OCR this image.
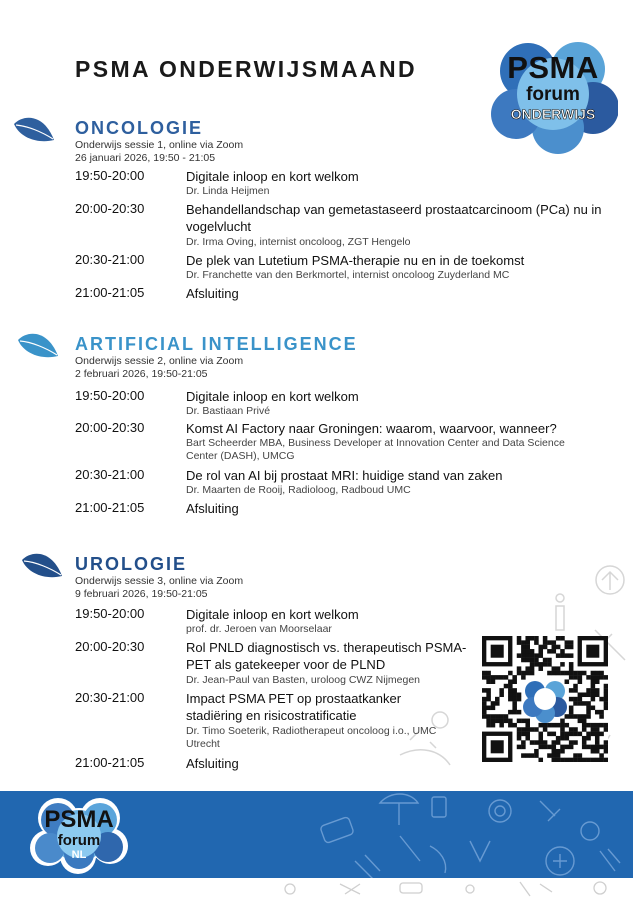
PSMA ONDERWIJSMAAND	PSMA
forum
ONDERWIJS
ONCOLOGIE
Onderwijs sessie 1, online via Zoom
26 januari 2026, 19:50 - 21:05
19:50-20:00	Digitale inloop en kort welkom
Dr. Linda Heijmen
20:00-20:30	Behandellandschap van gemetastaseerd prostaatcarcinoom (PCa) nu in vogelvlucht
Dr. Irma Oving, internist oncoloog, ZGT Hengelo
20:30-21:00	De plek van Lutetium PSMA-therapie nu en in de toekomst
Dr. Franchette van den Berkmortel, internist oncoloog Zuyderland MC
21:00-21:05	Afsluiting
ARTIFICIAL INTELLIGENCE
Onderwijs sessie 2, online via Zoom
2 februari 2026, 19:50-21:05
19:50-20:00	Digitale inloop en kort welkom
Dr. Bastiaan Privé
20:00-20:30	Komst AI Factory naar Groningen: waarom, waarvoor, wanneer?
Bart Scheerder MBA, Business Developer at Innovation Center and Data Science Center (DASH), UMCG
20:30-21:00	De rol van AI bij prostaat MRI: huidige stand van zaken
Dr. Maarten de Rooij, Radioloog, Radboud UMC
21:00-21:05	Afsluiting
UROLOGIE
Onderwijs sessie 3, online via Zoom
9 februari 2026, 19:50-21:05
19:50-20:00	Digitale inloop en kort welkom
prof. dr. Jeroen van Moorselaar
20:00-20:30	Rol PNLD diagnostisch vs. therapeutisch PSMA-PET als gatekeeper voor de PLND
Dr. Jean-Paul van Basten, uroloog CWZ Nijmegen
20:30-21:00	Impact PSMA PET op prostaatkanker stadiëring en risicostratificatie
Dr. Timo Soeterik, Radiotherapeut oncoloog i.o., UMC Utrecht
21:00-21:05	Afsluiting
PSMA
forum
NL
